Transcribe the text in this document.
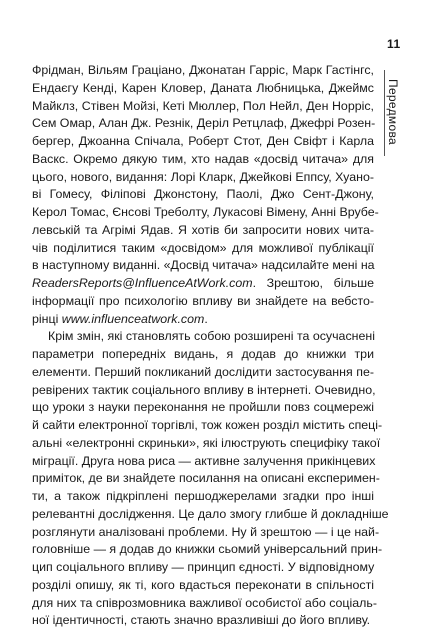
11
Передмова
Фрідман, Вільям Граціано, Джонатан Гарріс, Марк Гастінгс,
Ендаєгу Кенді, Карен Кловер, Даната Любницька, Джеймс
Майклз, Стівен Мойзі, Кеті Мюллер, Пол Нейл, Ден Норріс,
Сем Омар, Алан Дж. Резнік, Деріл Ретцлаф, Джефрі Розен-
бергер, Джоанна Спічала, Роберт Стот, Ден Свіфт і Карла
Васкс. Окремо дякую тим, хто надав «досвід читача» для
цього, нового, видання: Лорі Кларк, Джейкові Еппсу, Хуано-
ві Гомесу, Філіпові Джонстону, Паолі, Джо Сент-Джону,
Керол Томас, Єнсові Треболту, Лукасові Вімену, Анні Врубе-
левській та Агрімі Ядав. Я хотів би запросити нових чита-
чів поділитися таким «досвідом» для можливої публікації
в наступному виданні. «Досвід читача» надсилайте мені на
ReadersReports@InfluenceAtWork.com. Зрештою, більше
інформації про психологію впливу ви знайдете на вебсто-
рінці www.influenceatwork.com.
Крім змін, які становлять собою розширені та осучаснені
параметри попередніх видань, я додав до книжки три
елементи. Перший покликаний дослідити застосування пе-
ревірених тактик соціального впливу в інтернеті. Очевидно,
що уроки з науки переконання не пройшли повз соцмережі
й сайти електронної торгівлі, тож кожен розділ містить спеці-
альні «електронні скриньки», які ілюструють специфіку такої
міграції. Друга нова риса — активне залучення прикінцевих
приміток, де ви знайдете посилання на описані експеримен-
ти, а також підкріплені першоджерелами згадки про інші
релевантні дослідження. Це дало змогу глибше й докладніше
розглянути аналізовані проблеми. Ну й зрештою — і це най-
головніше — я додав до книжки сьомий універсальний прин-
цип соціального впливу — принцип єдності. У відповідному
розділі опишу, як ті, кого вдасться переконати в спільності
для них та співрозмовника важливої особистої або соціаль-
ної ідентичності, стають значно вразливіші до його впливу.
